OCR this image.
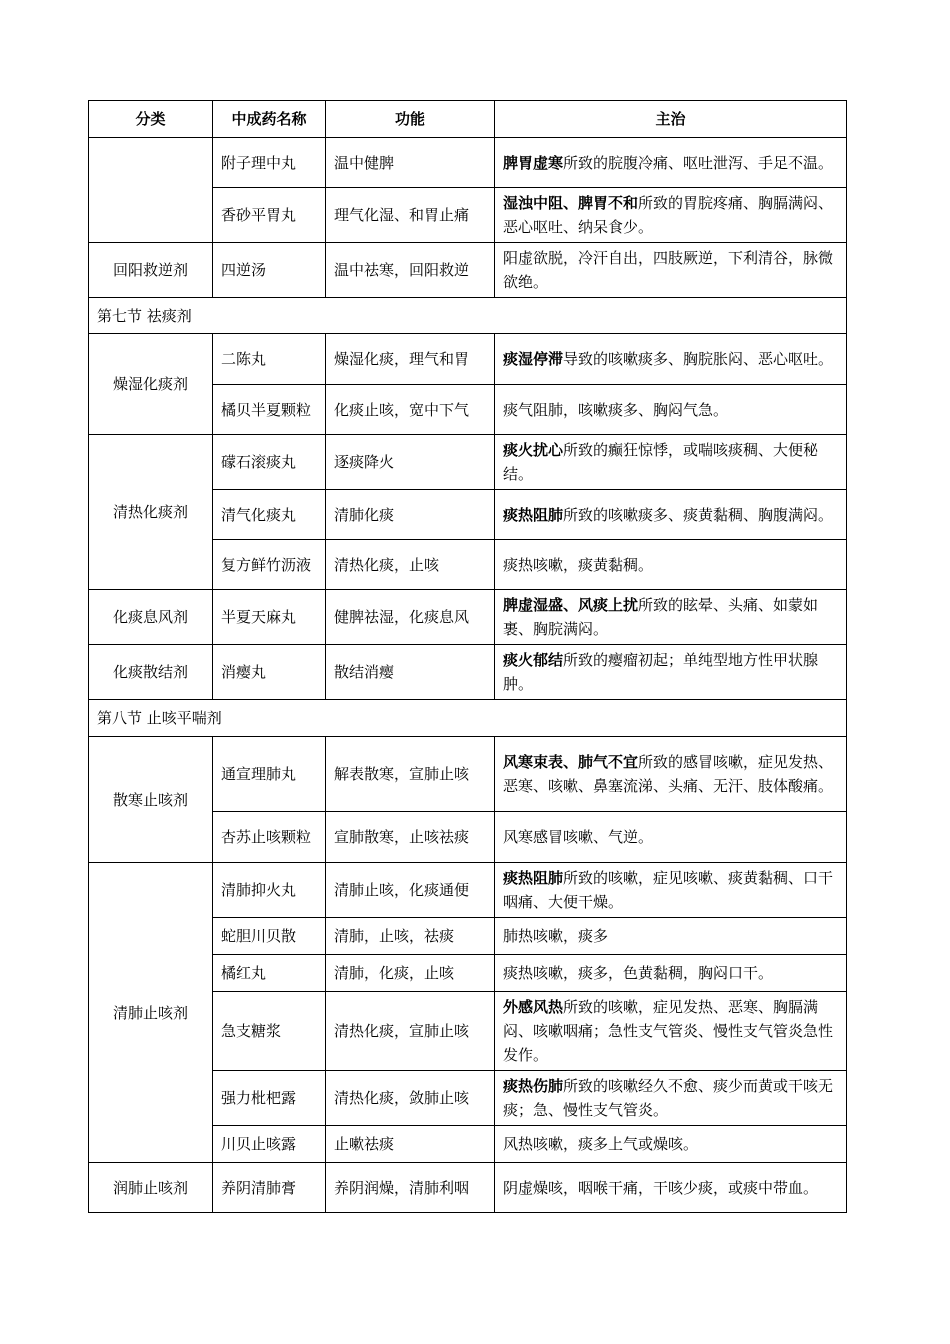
分类	中成药名称	功能	主治
	附子理中丸	温中健脾	脾胃虚寒所致的脘腹冷痛、呕吐泄泻、手足不温。
	香砂平胃丸	理气化湿、和胃止痛	湿浊中阻、脾胃不和所致的胃脘疼痛、胸膈满闷、恶心呕吐、纳呆食少。
回阳救逆剂	四逆汤	温中祛寒，回阳救逆	阳虚欲脱，冷汗自出，四肢厥逆，下利清谷，脉微欲绝。
第七节 祛痰剂			
燥湿化痰剂	二陈丸	燥湿化痰，理气和胃	痰湿停滞导致的咳嗽痰多、胸脘胀闷、恶心呕吐。
	橘贝半夏颗粒	化痰止咳，宽中下气	痰气阻肺，咳嗽痰多、胸闷气急。
清热化痰剂	礞石滚痰丸	逐痰降火	痰火扰心所致的癫狂惊悸，或喘咳痰稠、大便秘结。
	清气化痰丸	清肺化痰	痰热阻肺所致的咳嗽痰多、痰黄黏稠、胸腹满闷。
	复方鲜竹沥液	清热化痰，止咳	痰热咳嗽，痰黄黏稠。
化痰息风剂	半夏天麻丸	健脾祛湿，化痰息风	脾虚湿盛、风痰上扰所致的眩晕、头痛、如蒙如裹、胸脘满闷。
化痰散结剂	消瘿丸	散结消瘿	痰火郁结所致的瘿瘤初起；单纯型地方性甲状腺肿。
第八节 止咳平喘剂			
散寒止咳剂	通宣理肺丸	解表散寒，宣肺止咳	风寒束表、肺气不宜所致的感冒咳嗽，症见发热、恶寒、咳嗽、鼻塞流涕、头痛、无汗、肢体酸痛。
	杏苏止咳颗粒	宣肺散寒，止咳祛痰	风寒感冒咳嗽、气逆。
清肺止咳剂	清肺抑火丸	清肺止咳，化痰通便	痰热阻肺所致的咳嗽，症见咳嗽、痰黄黏稠、口干咽痛、大便干燥。
	蛇胆川贝散	清肺，止咳，祛痰	肺热咳嗽，痰多
	橘红丸	清肺，化痰，止咳	痰热咳嗽，痰多，色黄黏稠，胸闷口干。
	急支糖浆	清热化痰，宣肺止咳	外感风热所致的咳嗽，症见发热、恶寒、胸膈满闷、咳嗽咽痛；急性支气管炎、慢性支气管炎急性发作。
	强力枇杷露	清热化痰，敛肺止咳	痰热伤肺所致的咳嗽经久不愈、痰少而黄或干咳无痰；急、慢性支气管炎。
	川贝止咳露	止嗽祛痰	风热咳嗽，痰多上气或燥咳。
润肺止咳剂	养阴清肺膏	养阴润燥，清肺利咽	阴虚燥咳，咽喉干痛，干咳少痰，或痰中带血。
